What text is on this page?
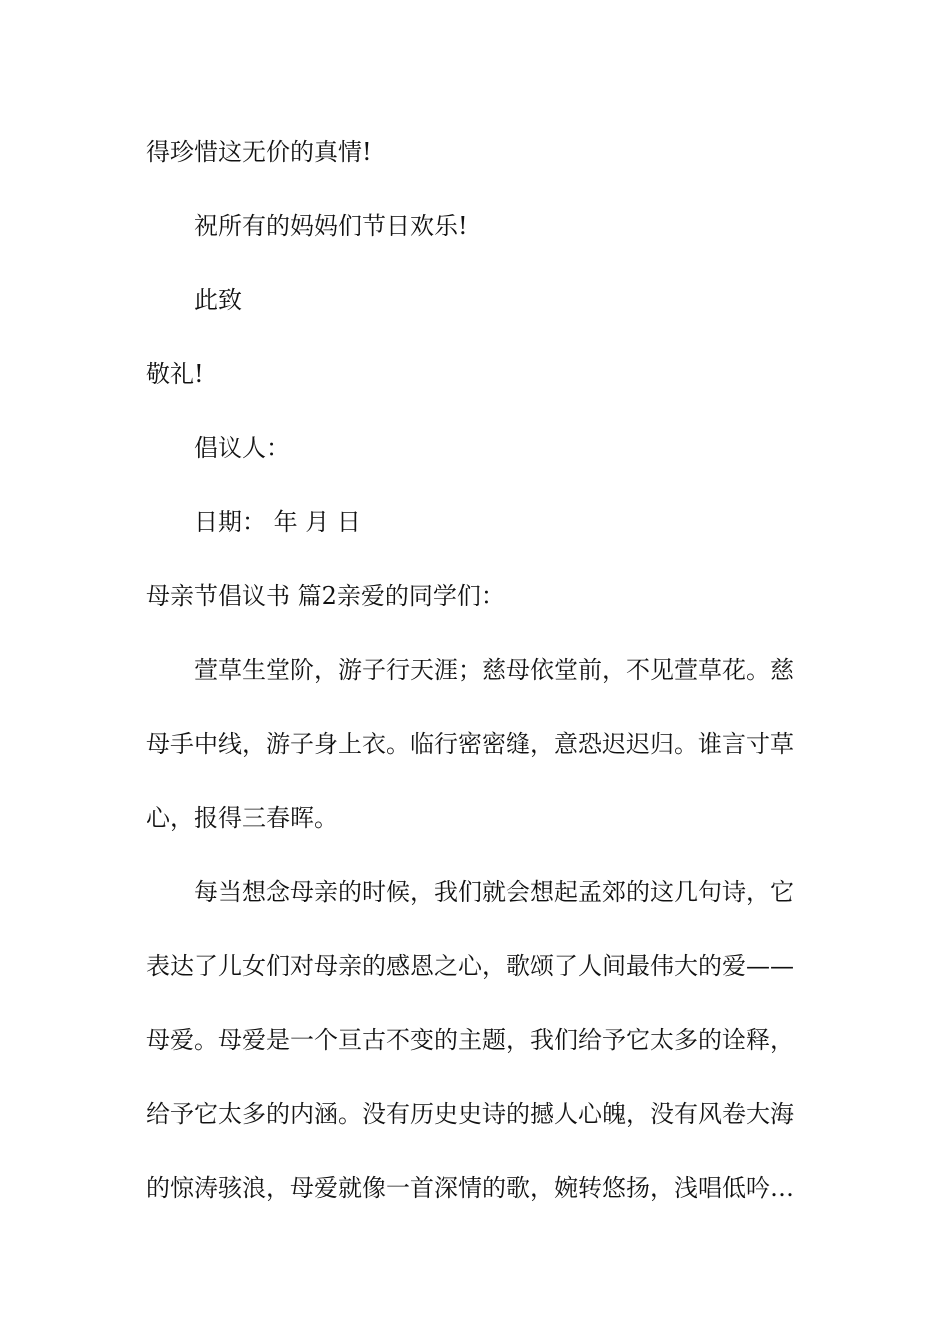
得珍惜这无价的真情!
祝所有的妈妈们节日欢乐!
此致
敬礼!
倡议人：
日期： 年 月 日
母亲节倡议书 篇2亲爱的同学们：
萱草生堂阶，游子行天涯；慈母依堂前，不见萱草花。慈
母手中线，游子身上衣。临行密密缝，意恐迟迟归。谁言寸草
心，报得三春晖。
每当想念母亲的时候，我们就会想起孟郊的这几句诗，它
表达了儿女们对母亲的感恩之心，歌颂了人间最伟大的爱——
母爱。母爱是一个亘古不变的主题，我们给予它太多的诠释，
给予它太多的内涵。没有历史史诗的撼人心魄，没有风卷大海
的惊涛骇浪，母爱就像一首深情的歌，婉转悠扬，浅唱低吟…
